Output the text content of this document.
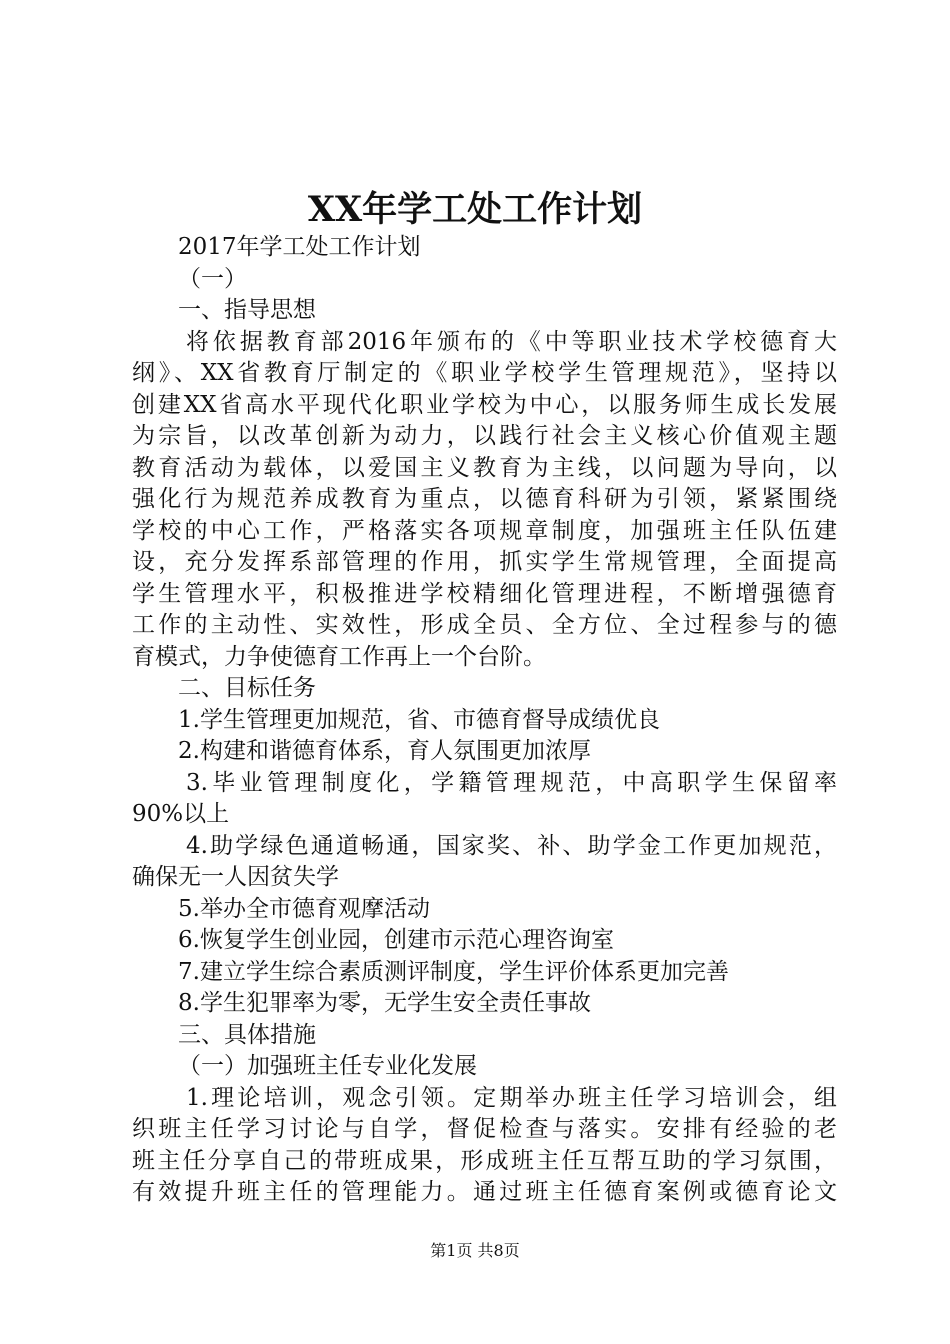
XX年学工处工作计划
2017年学工处工作计划
（一）
一、指导思想
将依据教育部2016年颁布的《中等职业技术学校德育大
纲》、XX省教育厅制定的《职业学校学生管理规范》，坚持以
创建XX省高水平现代化职业学校为中心，以服务师生成长发展
为宗旨，以改革创新为动力，以践行社会主义核心价值观主题
教育活动为载体，以爱国主义教育为主线，以问题为导向，以
强化行为规范养成教育为重点，以德育科研为引领，紧紧围绕
学校的中心工作，严格落实各项规章制度，加强班主任队伍建
设，充分发挥系部管理的作用，抓实学生常规管理，全面提高
学生管理水平，积极推进学校精细化管理进程，不断增强德育
工作的主动性、实效性，形成全员、全方位、全过程参与的德
育模式，力争使德育工作再上一个台阶。
二、目标任务
1.学生管理更加规范，省、市德育督导成绩优良
2.构建和谐德育体系，育人氛围更加浓厚
3.毕业管理制度化，学籍管理规范，中高职学生保留率
90%以上
4.助学绿色通道畅通，国家奖、补、助学金工作更加规范，
确保无一人因贫失学
5.举办全市德育观摩活动
6.恢复学生创业园，创建市示范心理咨询室
7.建立学生综合素质测评制度，学生评价体系更加完善
8.学生犯罪率为零，无学生安全责任事故
三、具体措施
（一）加强班主任专业化发展
1.理论培训，观念引领。定期举办班主任学习培训会，组
织班主任学习讨论与自学，督促检查与落实。安排有经验的老
班主任分享自己的带班成果，形成班主任互帮互助的学习氛围，
有效提升班主任的管理能力。通过班主任德育案例或德育论文
第1页 共8页
